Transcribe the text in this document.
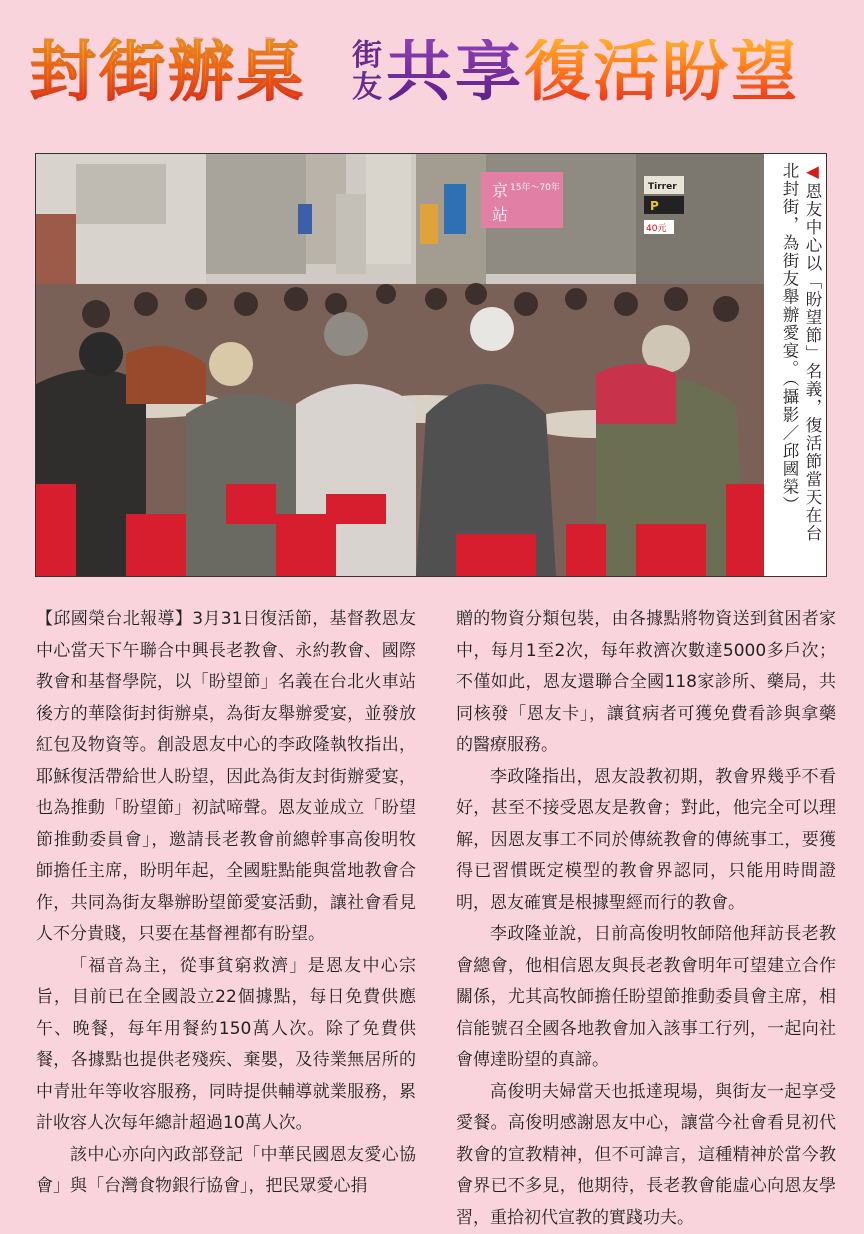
封街辦桌 街
友 共享 復活盼望
京
站
15年～70年	Tirrer
P
40元
◀恩友中心以「盼望節」名義，復活節當天在台
北封街，為街友舉辦愛宴。（攝影／邱國榮）

【邱國榮台北報導】3月31日復活節，基督教恩友中心當天下午聯合中興長老教會、永約教會、國際教會和基督學院，以「盼望節」名義在台北火車站後方的華陰街封街辦桌，為街友舉辦愛宴，並發放紅包及物資等。創設恩友中心的李政隆執牧指出，耶穌復活帶給世人盼望，因此為街友封街辦愛宴，也為推動「盼望節」初試啼聲。恩友並成立「盼望節推動委員會」，邀請長老教會前總幹事高俊明牧師擔任主席，盼明年起，全國駐點能與當地教會合作，共同為街友舉辦盼望節愛宴活動，讓社會看見人不分貴賤，只要在基督裡都有盼望。

「福音為主，從事貧窮救濟」是恩友中心宗旨，目前已在全國設立22個據點，每日免費供應午、晚餐，每年用餐約150萬人次。除了免費供餐，各據點也提供老殘疾、棄嬰，及待業無居所的中青壯年等收容服務，同時提供輔導就業服務，累計收容人次每年總計超過10萬人次。

該中心亦向內政部登記「中華民國恩友愛心協會」與「台灣食物銀行協會」，把民眾愛心捐

贈的物資分類包裝，由各據點將物資送到貧困者家中，每月1至2次，每年救濟次數達5000多戶次；不僅如此，恩友還聯合全國118家診所、藥局，共同核發「恩友卡」，讓貧病者可獲免費看診與拿藥的醫療服務。

李政隆指出，恩友設教初期，教會界幾乎不看好，甚至不接受恩友是教會；對此，他完全可以理解，因恩友事工不同於傳統教會的傳統事工，要獲得已習慣既定模型的教會界認同，只能用時間證明，恩友確實是根據聖經而行的教會。

李政隆並說，日前高俊明牧師陪他拜訪長老教會總會，他相信恩友與長老教會明年可望建立合作關係，尤其高牧師擔任盼望節推動委員會主席，相信能號召全國各地教會加入該事工行列，一起向社會傳達盼望的真諦。

高俊明夫婦當天也抵達現場，與街友一起享受愛餐。高俊明感謝恩友中心，讓當今社會看見初代教會的宣教精神，但不可諱言，這種精神於當今教會界已不多見，他期待，長老教會能虛心向恩友學習，重拾初代宣教的實踐功夫。
